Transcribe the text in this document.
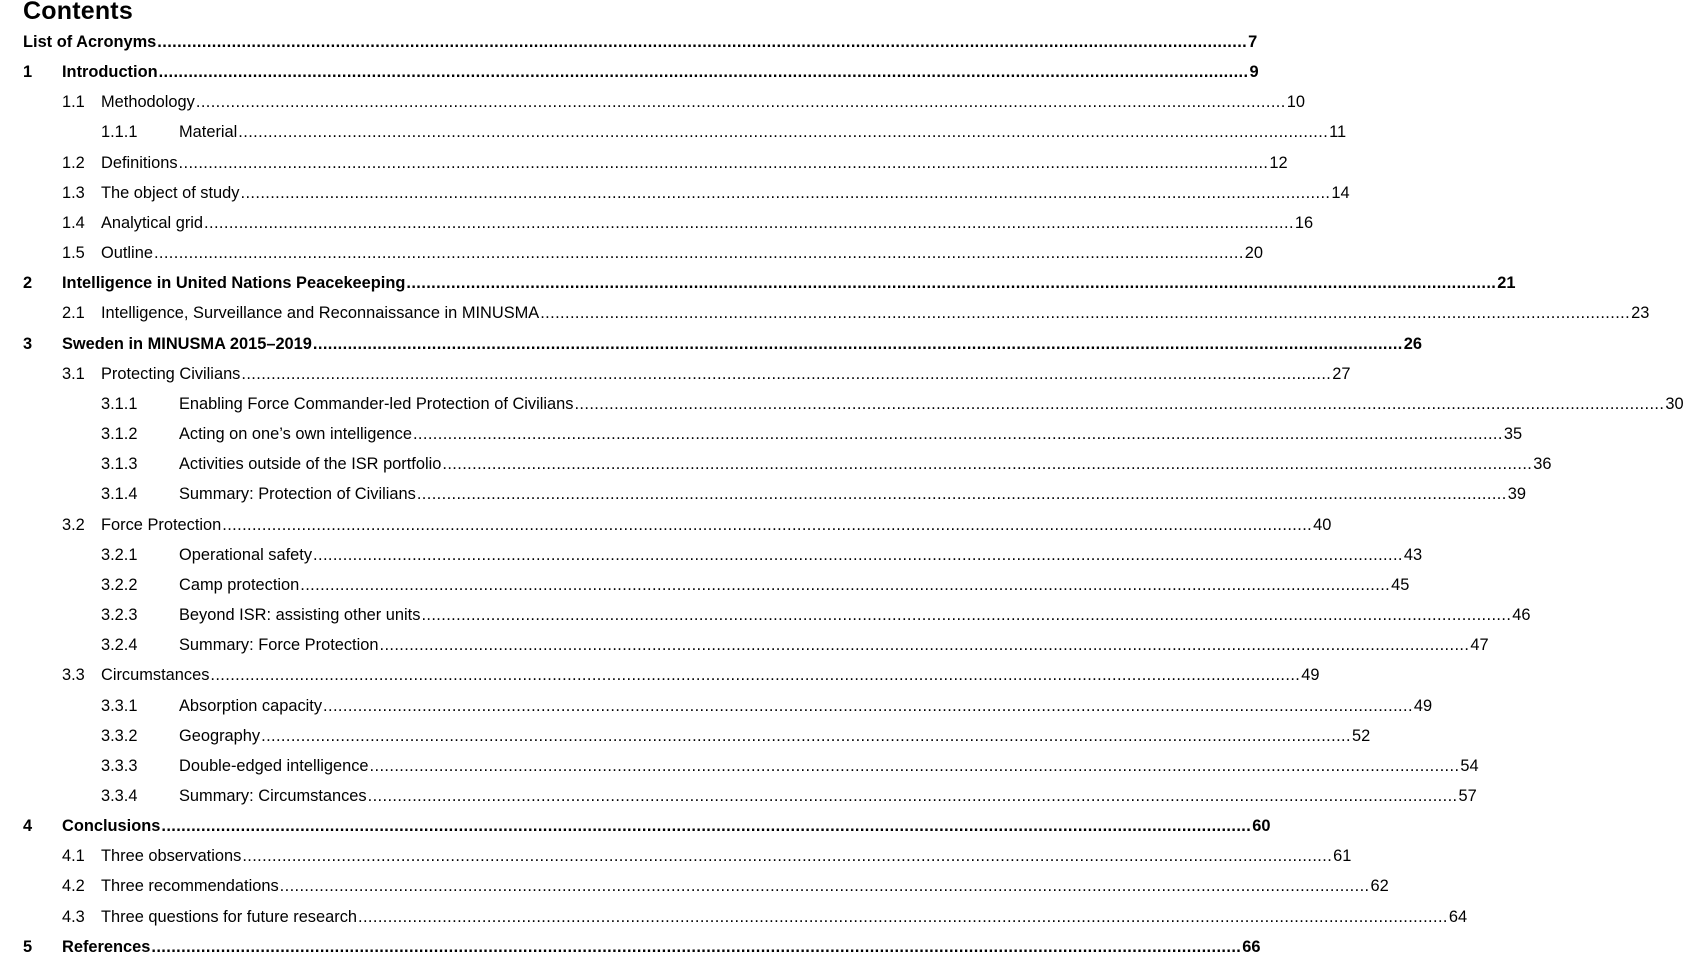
Contents
List of Acronyms ............................................................................................................................................................................................................................ 7
1 Introduction ............................................................................................................................................................................................................................ 9
1.1 Methodology ............................................................................................................................................................................................................................ 10
1.1.1	Material ............................................................................................................................................................................................................................ 11
1.2 Definitions ............................................................................................................................................................................................................................ 12
1.3 The object of study ............................................................................................................................................................................................................................ 14
1.4 Analytical grid ............................................................................................................................................................................................................................ 16
1.5 Outline ............................................................................................................................................................................................................................ 20
2 Intelligence in United Nations Peacekeeping ............................................................................................................................................................................................................................ 21
2.1 Intelligence, Surveillance and Reconnaissance in MINUSMA ............................................................................................................................................................................................................................ 23
3 Sweden in MINUSMA 2015–2019 ............................................................................................................................................................................................................................ 26
3.1 Protecting Civilians ............................................................................................................................................................................................................................ 27
3.1.1	Enabling Force Commander-led Protection of Civilians ............................................................................................................................................................................................................................ 30
3.1.2	Acting on one’s own intelligence ............................................................................................................................................................................................................................ 35
3.1.3	Activities outside of the ISR portfolio ............................................................................................................................................................................................................................ 36
3.1.4	Summary: Protection of Civilians ............................................................................................................................................................................................................................ 39
3.2 Force Protection ............................................................................................................................................................................................................................ 40
3.2.1	Operational safety ............................................................................................................................................................................................................................ 43
3.2.2	Camp protection ............................................................................................................................................................................................................................ 45
3.2.3	Beyond ISR: assisting other units ............................................................................................................................................................................................................................ 46
3.2.4	Summary: Force Protection ............................................................................................................................................................................................................................ 47
3.3 Circumstances ............................................................................................................................................................................................................................ 49
3.3.1	Absorption capacity ............................................................................................................................................................................................................................ 49
3.3.2	Geography ............................................................................................................................................................................................................................ 52
3.3.3	Double-edged intelligence ............................................................................................................................................................................................................................ 54
3.3.4	Summary: Circumstances ............................................................................................................................................................................................................................ 57
4 Conclusions ............................................................................................................................................................................................................................ 60
4.1 Three observations ............................................................................................................................................................................................................................ 61
4.2 Three recommendations ............................................................................................................................................................................................................................ 62
4.3 Three questions for future research ............................................................................................................................................................................................................................ 64
5 References ............................................................................................................................................................................................................................ 66
